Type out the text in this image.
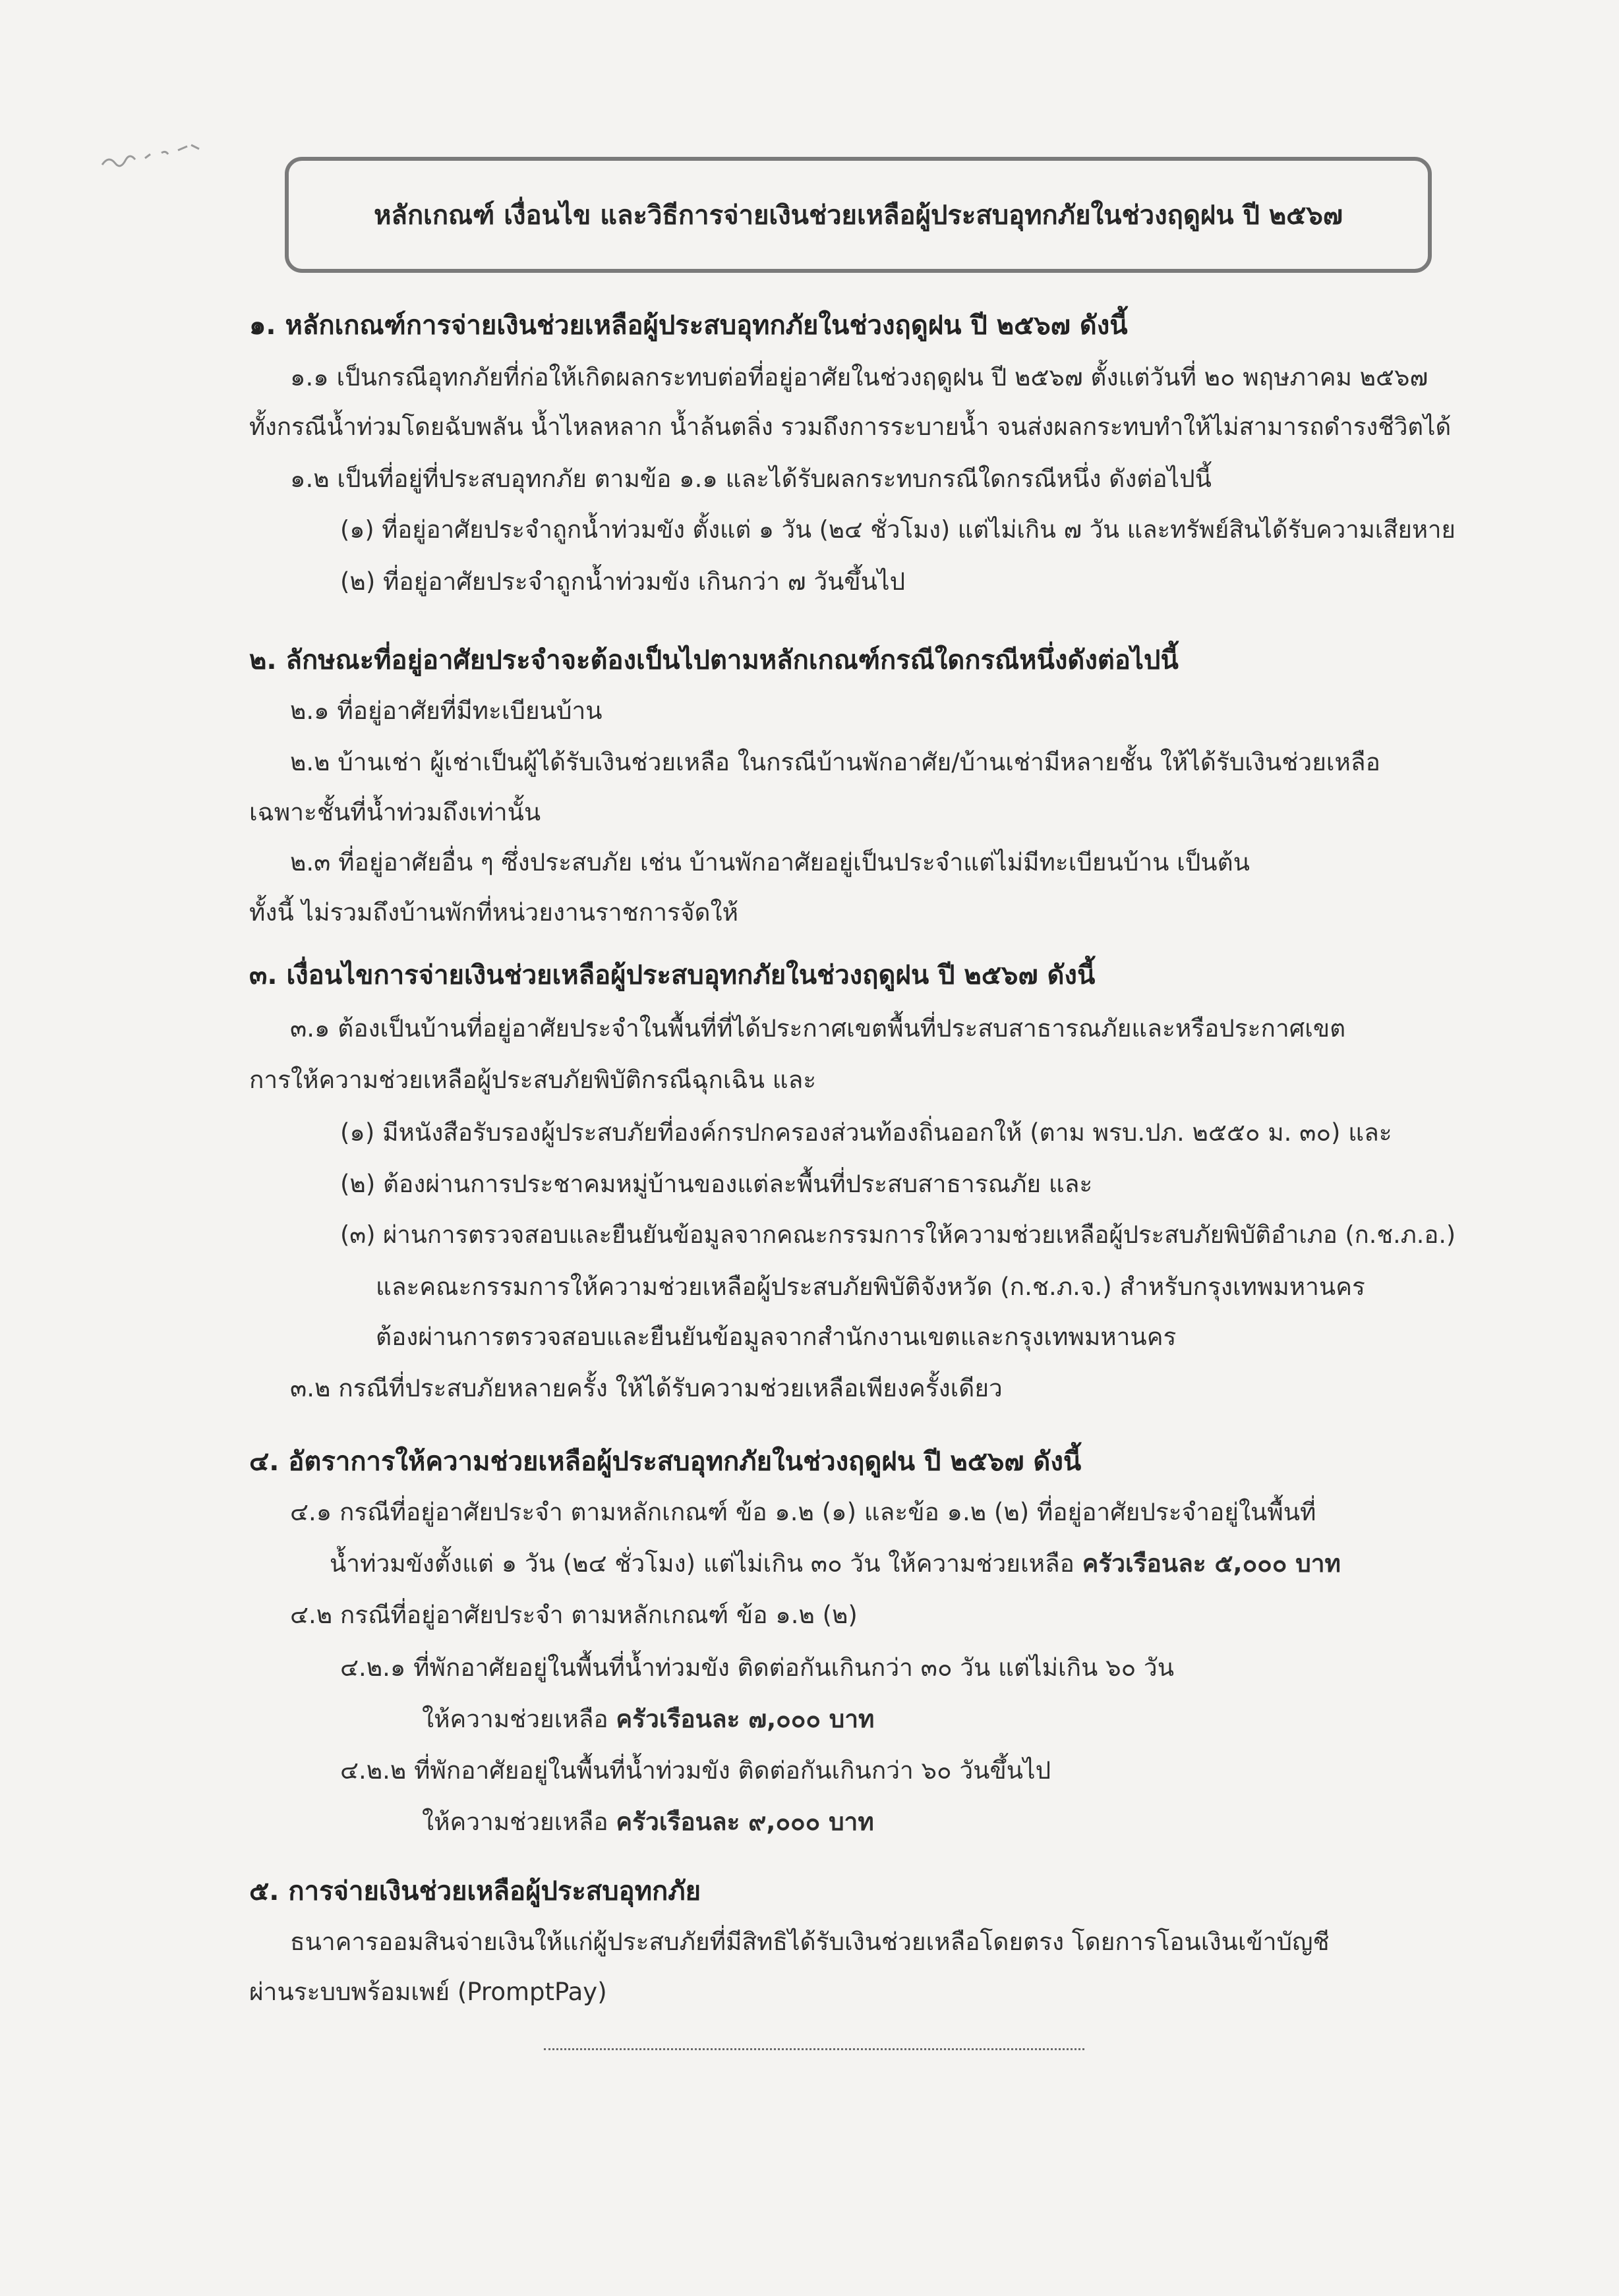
หลักเกณฑ์ เงื่อนไข และวิธีการจ่ายเงินช่วยเหลือผู้ประสบอุทกภัยในช่วงฤดูฝน ปี ๒๕๖๗
๑. หลักเกณฑ์การจ่ายเงินช่วยเหลือผู้ประสบอุทกภัยในช่วงฤดูฝน ปี ๒๕๖๗ ดังนี้
๑.๑ เป็นกรณีอุทกภัยที่ก่อให้เกิดผลกระทบต่อที่อยู่อาศัยในช่วงฤดูฝน ปี ๒๕๖๗ ตั้งแต่วันที่ ๒๐ พฤษภาคม ๒๕๖๗
ทั้งกรณีน้ำท่วมโดยฉับพลัน น้ำไหลหลาก น้ำล้นตลิ่ง รวมถึงการระบายน้ำ จนส่งผลกระทบทำให้ไม่สามารถดำรงชีวิตได้
๑.๒ เป็นที่อยู่ที่ประสบอุทกภัย ตามข้อ ๑.๑ และได้รับผลกระทบกรณีใดกรณีหนึ่ง ดังต่อไปนี้
(๑) ที่อยู่อาศัยประจำถูกน้ำท่วมขัง ตั้งแต่ ๑ วัน (๒๔ ชั่วโมง) แต่ไม่เกิน ๗ วัน และทรัพย์สินได้รับความเสียหาย
(๒) ที่อยู่อาศัยประจำถูกน้ำท่วมขัง เกินกว่า ๗ วันขึ้นไป
๒. ลักษณะที่อยู่อาศัยประจำจะต้องเป็นไปตามหลักเกณฑ์กรณีใดกรณีหนึ่งดังต่อไปนี้
๒.๑ ที่อยู่อาศัยที่มีทะเบียนบ้าน
๒.๒ บ้านเช่า ผู้เช่าเป็นผู้ได้รับเงินช่วยเหลือ ในกรณีบ้านพักอาศัย/บ้านเช่ามีหลายชั้น ให้ได้รับเงินช่วยเหลือ
เฉพาะชั้นที่น้ำท่วมถึงเท่านั้น
๒.๓ ที่อยู่อาศัยอื่น ๆ ซึ่งประสบภัย เช่น บ้านพักอาศัยอยู่เป็นประจำแต่ไม่มีทะเบียนบ้าน เป็นต้น
ทั้งนี้ ไม่รวมถึงบ้านพักที่หน่วยงานราชการจัดให้
๓. เงื่อนไขการจ่ายเงินช่วยเหลือผู้ประสบอุทกภัยในช่วงฤดูฝน ปี ๒๕๖๗ ดังนี้
๓.๑ ต้องเป็นบ้านที่อยู่อาศัยประจำในพื้นที่ที่ได้ประกาศเขตพื้นที่ประสบสาธารณภัยและหรือประกาศเขต
การให้ความช่วยเหลือผู้ประสบภัยพิบัติกรณีฉุกเฉิน และ
(๑) มีหนังสือรับรองผู้ประสบภัยที่องค์กรปกครองส่วนท้องถิ่นออกให้ (ตาม พรบ.ปภ. ๒๕๕๐ ม. ๓๐) และ
(๒) ต้องผ่านการประชาคมหมู่บ้านของแต่ละพื้นที่ประสบสาธารณภัย และ
(๓) ผ่านการตรวจสอบและยืนยันข้อมูลจากคณะกรรมการให้ความช่วยเหลือผู้ประสบภัยพิบัติอำเภอ (ก.ช.ภ.อ.)
และคณะกรรมการให้ความช่วยเหลือผู้ประสบภัยพิบัติจังหวัด (ก.ช.ภ.จ.) สำหรับกรุงเทพมหานคร
ต้องผ่านการตรวจสอบและยืนยันข้อมูลจากสำนักงานเขตและกรุงเทพมหานคร
๓.๒ กรณีที่ประสบภัยหลายครั้ง ให้ได้รับความช่วยเหลือเพียงครั้งเดียว
๔. อัตราการให้ความช่วยเหลือผู้ประสบอุทกภัยในช่วงฤดูฝน ปี ๒๕๖๗ ดังนี้
๔.๑ กรณีที่อยู่อาศัยประจำ ตามหลักเกณฑ์ ข้อ ๑.๒ (๑) และข้อ ๑.๒ (๒) ที่อยู่อาศัยประจำอยู่ในพื้นที่
น้ำท่วมขังตั้งแต่ ๑ วัน (๒๔ ชั่วโมง) แต่ไม่เกิน ๓๐ วัน ให้ความช่วยเหลือ ครัวเรือนละ ๕,๐๐๐ บาท
๔.๒ กรณีที่อยู่อาศัยประจำ ตามหลักเกณฑ์ ข้อ ๑.๒ (๒)
๔.๒.๑ ที่พักอาศัยอยู่ในพื้นที่น้ำท่วมขัง ติดต่อกันเกินกว่า ๓๐ วัน แต่ไม่เกิน ๖๐ วัน
ให้ความช่วยเหลือ ครัวเรือนละ ๗,๐๐๐ บาท
๔.๒.๒ ที่พักอาศัยอยู่ในพื้นที่น้ำท่วมขัง ติดต่อกันเกินกว่า ๖๐ วันขึ้นไป
ให้ความช่วยเหลือ ครัวเรือนละ ๙,๐๐๐ บาท
๕. การจ่ายเงินช่วยเหลือผู้ประสบอุทกภัย
ธนาคารออมสินจ่ายเงินให้แก่ผู้ประสบภัยที่มีสิทธิได้รับเงินช่วยเหลือโดยตรง โดยการโอนเงินเข้าบัญชี
ผ่านระบบพร้อมเพย์ (PromptPay)
